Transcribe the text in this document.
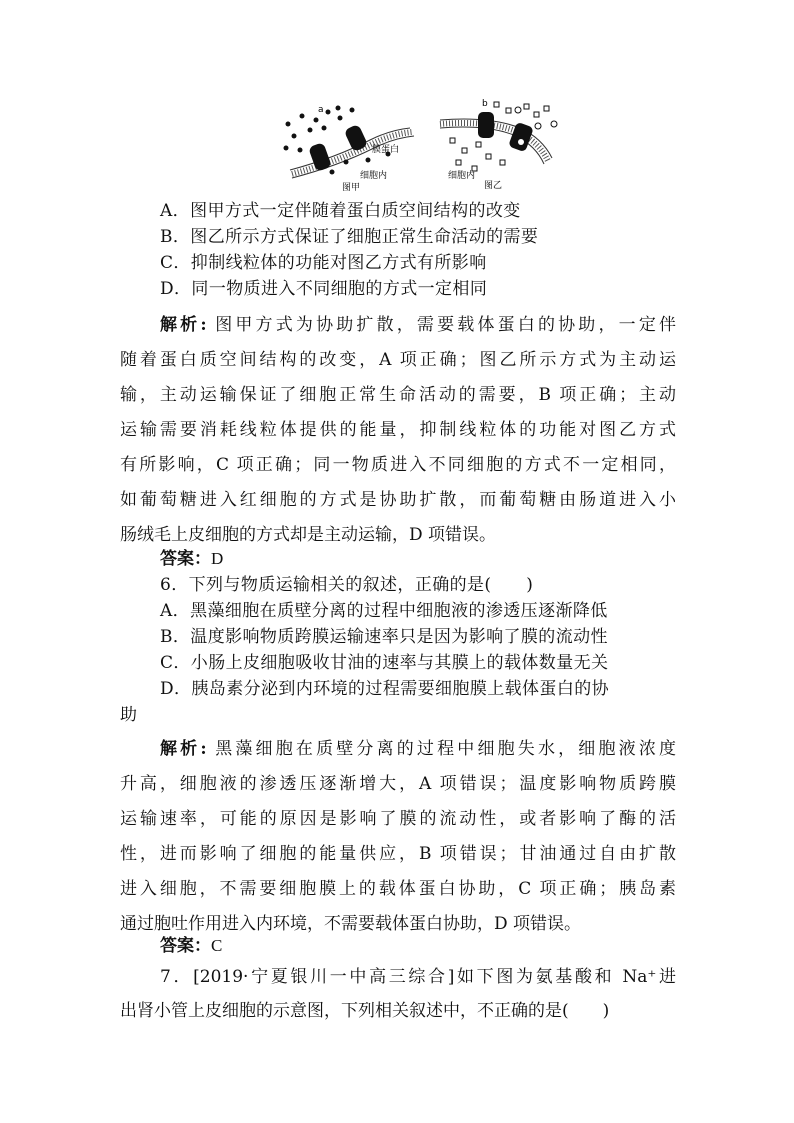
a
膜蛋白
细胞内
图甲
b
细胞内
图乙
A．图甲方式一定伴随着蛋白质空间结构的改变
B．图乙所示方式保证了细胞正常生命活动的需要
C．抑制线粒体的功能对图乙方式有所影响
D．同一物质进入不同细胞的方式一定相同
解析: 图甲方式为协助扩散，需要载体蛋白的协助，一定伴
随着蛋白质空间结构的改变，A 项正确；图乙所示方式为主动运
输，主动运输保证了细胞正常生命活动的需要，B 项正确；主动
运输需要消耗线粒体提供的能量，抑制线粒体的功能对图乙方式
有所影响，C 项正确；同一物质进入不同细胞的方式不一定相同，
如葡萄糖进入红细胞的方式是协助扩散，而葡萄糖由肠道进入小
肠绒毛上皮细胞的方式却是主动运输，D 项错误。
答案：D
6．下列与物质运输相关的叙述，正确的是(　　)
A．黑藻细胞在质壁分离的过程中细胞液的渗透压逐渐降低
B．温度影响物质跨膜运输速率只是因为影响了膜的流动性
C．小肠上皮细胞吸收甘油的速率与其膜上的载体数量无关
D．胰岛素分泌到内环境的过程需要细胞膜上载体蛋白的协
助
解析: 黑藻细胞在质壁分离的过程中细胞失水，细胞液浓度
升高，细胞液的渗透压逐渐增大，A 项错误；温度影响物质跨膜
运输速率，可能的原因是影响了膜的流动性，或者影响了酶的活
性，进而影响了细胞的能量供应，B 项错误；甘油通过自由扩散
进入细胞，不需要细胞膜上的载体蛋白协助，C 项正确；胰岛素
通过胞吐作用进入内环境，不需要载体蛋白协助，D 项错误。
答案：C
7．[2019·宁夏银川一中高三综合]如下图为氨基酸和 Na⁺进
出肾小管上皮细胞的示意图，下列相关叙述中，不正确的是(　　)
